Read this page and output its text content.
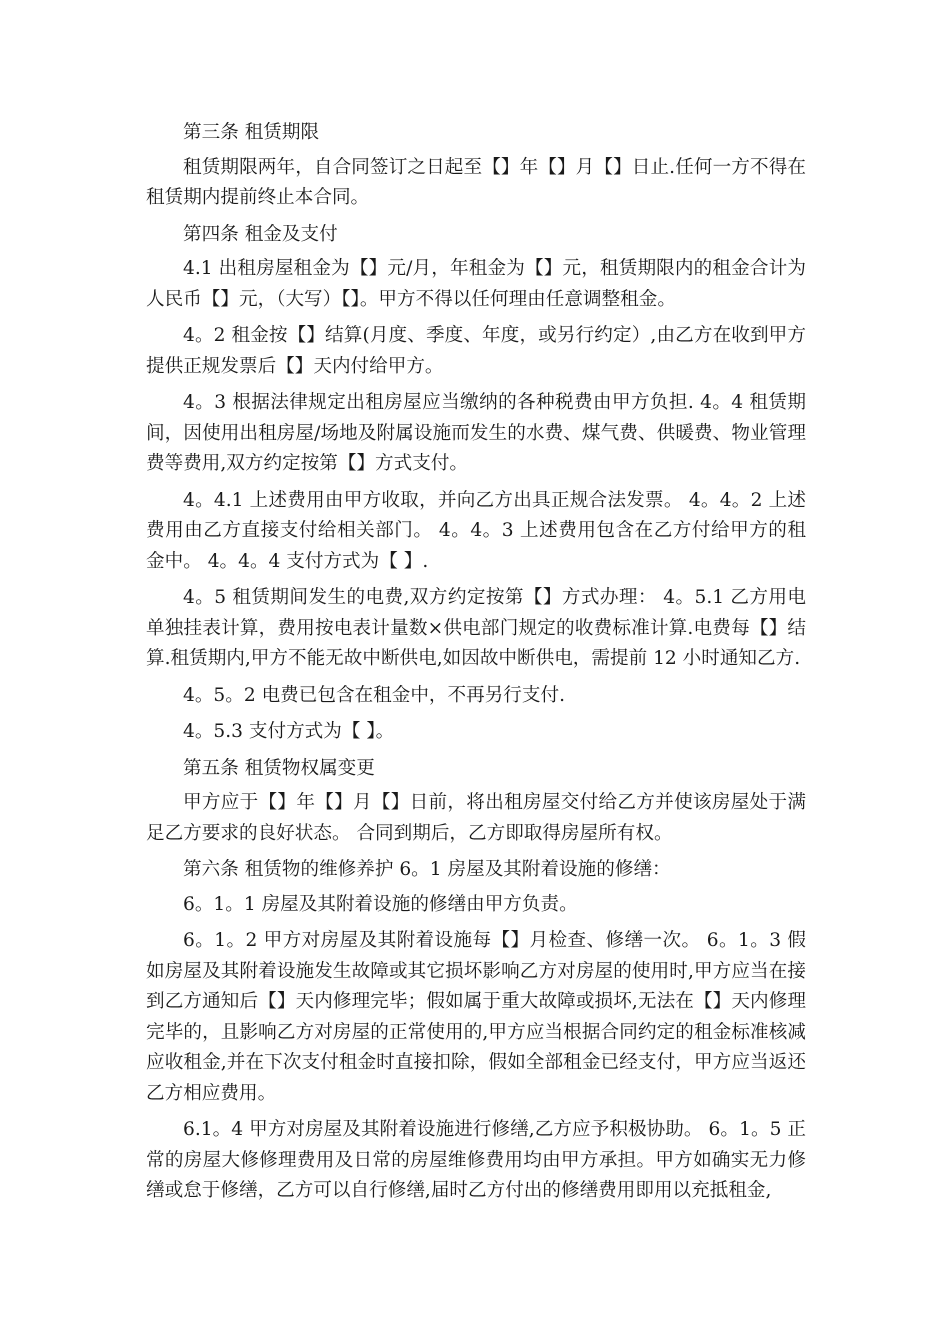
第三条 租赁期限

租赁期限两年，自合同签订之日起至【】年【】月【】日止.任何一方不得在租赁期内提前终止本合同。

第四条 租金及支付

4.1 出租房屋租金为【】元/月，年租金为【】元，租赁期限内的租金合计为人民币【】元，（大写）【】。甲方不得以任何理由任意调整租金。

4。2 租金按【】结算(月度、季度、年度，或另行约定）,由乙方在收到甲方提供正规发票后【】天内付给甲方。

4。3 根据法律规定出租房屋应当缴纳的各种税费由甲方负担. 4。4 租赁期间，因使用出租房屋/场地及附属设施而发生的水费、煤气费、供暖费、物业管理费等费用,双方约定按第【】方式支付。

4。4.1 上述费用由甲方收取，并向乙方出具正规合法发票。 4。4。2 上述费用由乙方直接支付给相关部门。 4。4。3 上述费用包含在乙方付给甲方的租金中。 4。4。4 支付方式为【 】.

4。5 租赁期间发生的电费,双方约定按第【】方式办理： 4。5.1 乙方用电单独挂表计算，费用按电表计量数×供电部门规定的收费标准计算.电费每【】结算.租赁期内,甲方不能无故中断供电,如因故中断供电，需提前 12 小时通知乙方.

4。5。2 电费已包含在租金中，不再另行支付.

4。5.3 支付方式为【 】。

第五条 租赁物权属变更

甲方应于【】年【】月【】日前，将出租房屋交付给乙方并使该房屋处于满足乙方要求的良好状态。 合同到期后，乙方即取得房屋所有权。

第六条 租赁物的维修养护 6。1 房屋及其附着设施的修缮：

6。1。1 房屋及其附着设施的修缮由甲方负责。

6。1。2 甲方对房屋及其附着设施每【】月检查、修缮一次。 6。1。3 假如房屋及其附着设施发生故障或其它损坏影响乙方对房屋的使用时,甲方应当在接到乙方通知后【】天内修理完毕；假如属于重大故障或损坏,无法在【】天内修理完毕的，且影响乙方对房屋的正常使用的,甲方应当根据合同约定的租金标准核减应收租金,并在下次支付租金时直接扣除，假如全部租金已经支付，甲方应当返还乙方相应费用。

6.1。4 甲方对房屋及其附着设施进行修缮,乙方应予积极协助。 6。1。5 正常的房屋大修修理费用及日常的房屋维修费用均由甲方承担。甲方如确实无力修缮或怠于修缮，乙方可以自行修缮,届时乙方付出的修缮费用即用以充抵租金,
